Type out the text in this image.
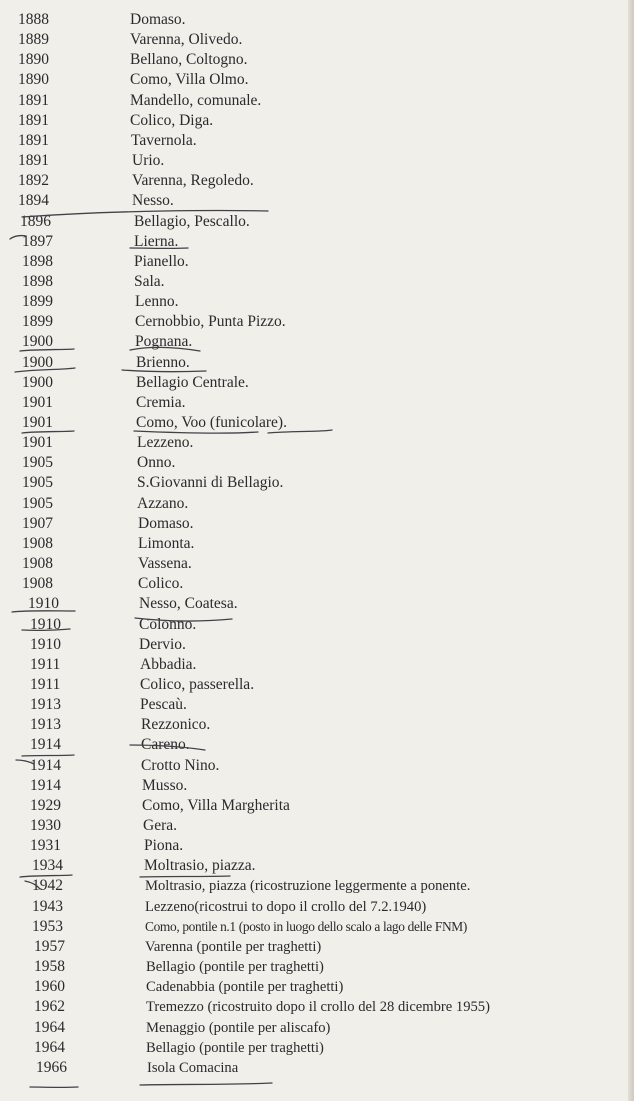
1888	Domaso.
1889	Varenna, Olivedo.
1890	Bellano, Coltogno.
1890	Como, Villa Olmo.
1891	Mandello, comunale.
1891	Colico, Diga.
1891	Tavernola.
1891	Urio.
1892	Varenna, Regoledo.
1894	Nesso.
1896	Bellagio, Pescallo.
1897	Lierna.
1898	Pianello.
1898	Sala.
1899	Lenno.
1899	Cernobbio, Punta Pizzo.
1900	Pognana.
1900	Brienno.
1900	Bellagio Centrale.
1901	Cremia.
1901	Como, Voo (funicolare).
1901	Lezzeno.
1905	Onno.
1905	S.Giovanni di Bellagio.
1905	Azzano.
1907	Domaso.
1908	Limonta.
1908	Vassena.
1908	Colico.
1910	Nesso, Coatesa.
1910	Colonno.
1910	Dervio.
1911	Abbadia.
1911	Colico, passerella.
1913	Pescaù.
1913	Rezzonico.
1914	Careno.
1914	Crotto Nino.
1914	Musso.
1929	Como, Villa Margherita
1930	Gera.
1931	Piona.
1934	Moltrasio, piazza.
1942	Moltrasio, piazza (ricostruzione leggermente a ponente.
1943	Lezzeno(ricostrui to dopo il crollo del 7.2.1940)
1953	Como, pontile n.1 (posto in luogo dello scalo a lago delle FNM)
1957	Varenna (pontile per traghetti)
1958	Bellagio (pontile per traghetti)
1960	Cadenabbia (pontile per traghetti)
1962	Tremezzo (ricostruito dopo il crollo del 28 dicembre 1955)
1964	Menaggio (pontile per aliscafo)
1964	Bellagio (pontile per traghetti)
1966	Isola Comacina
